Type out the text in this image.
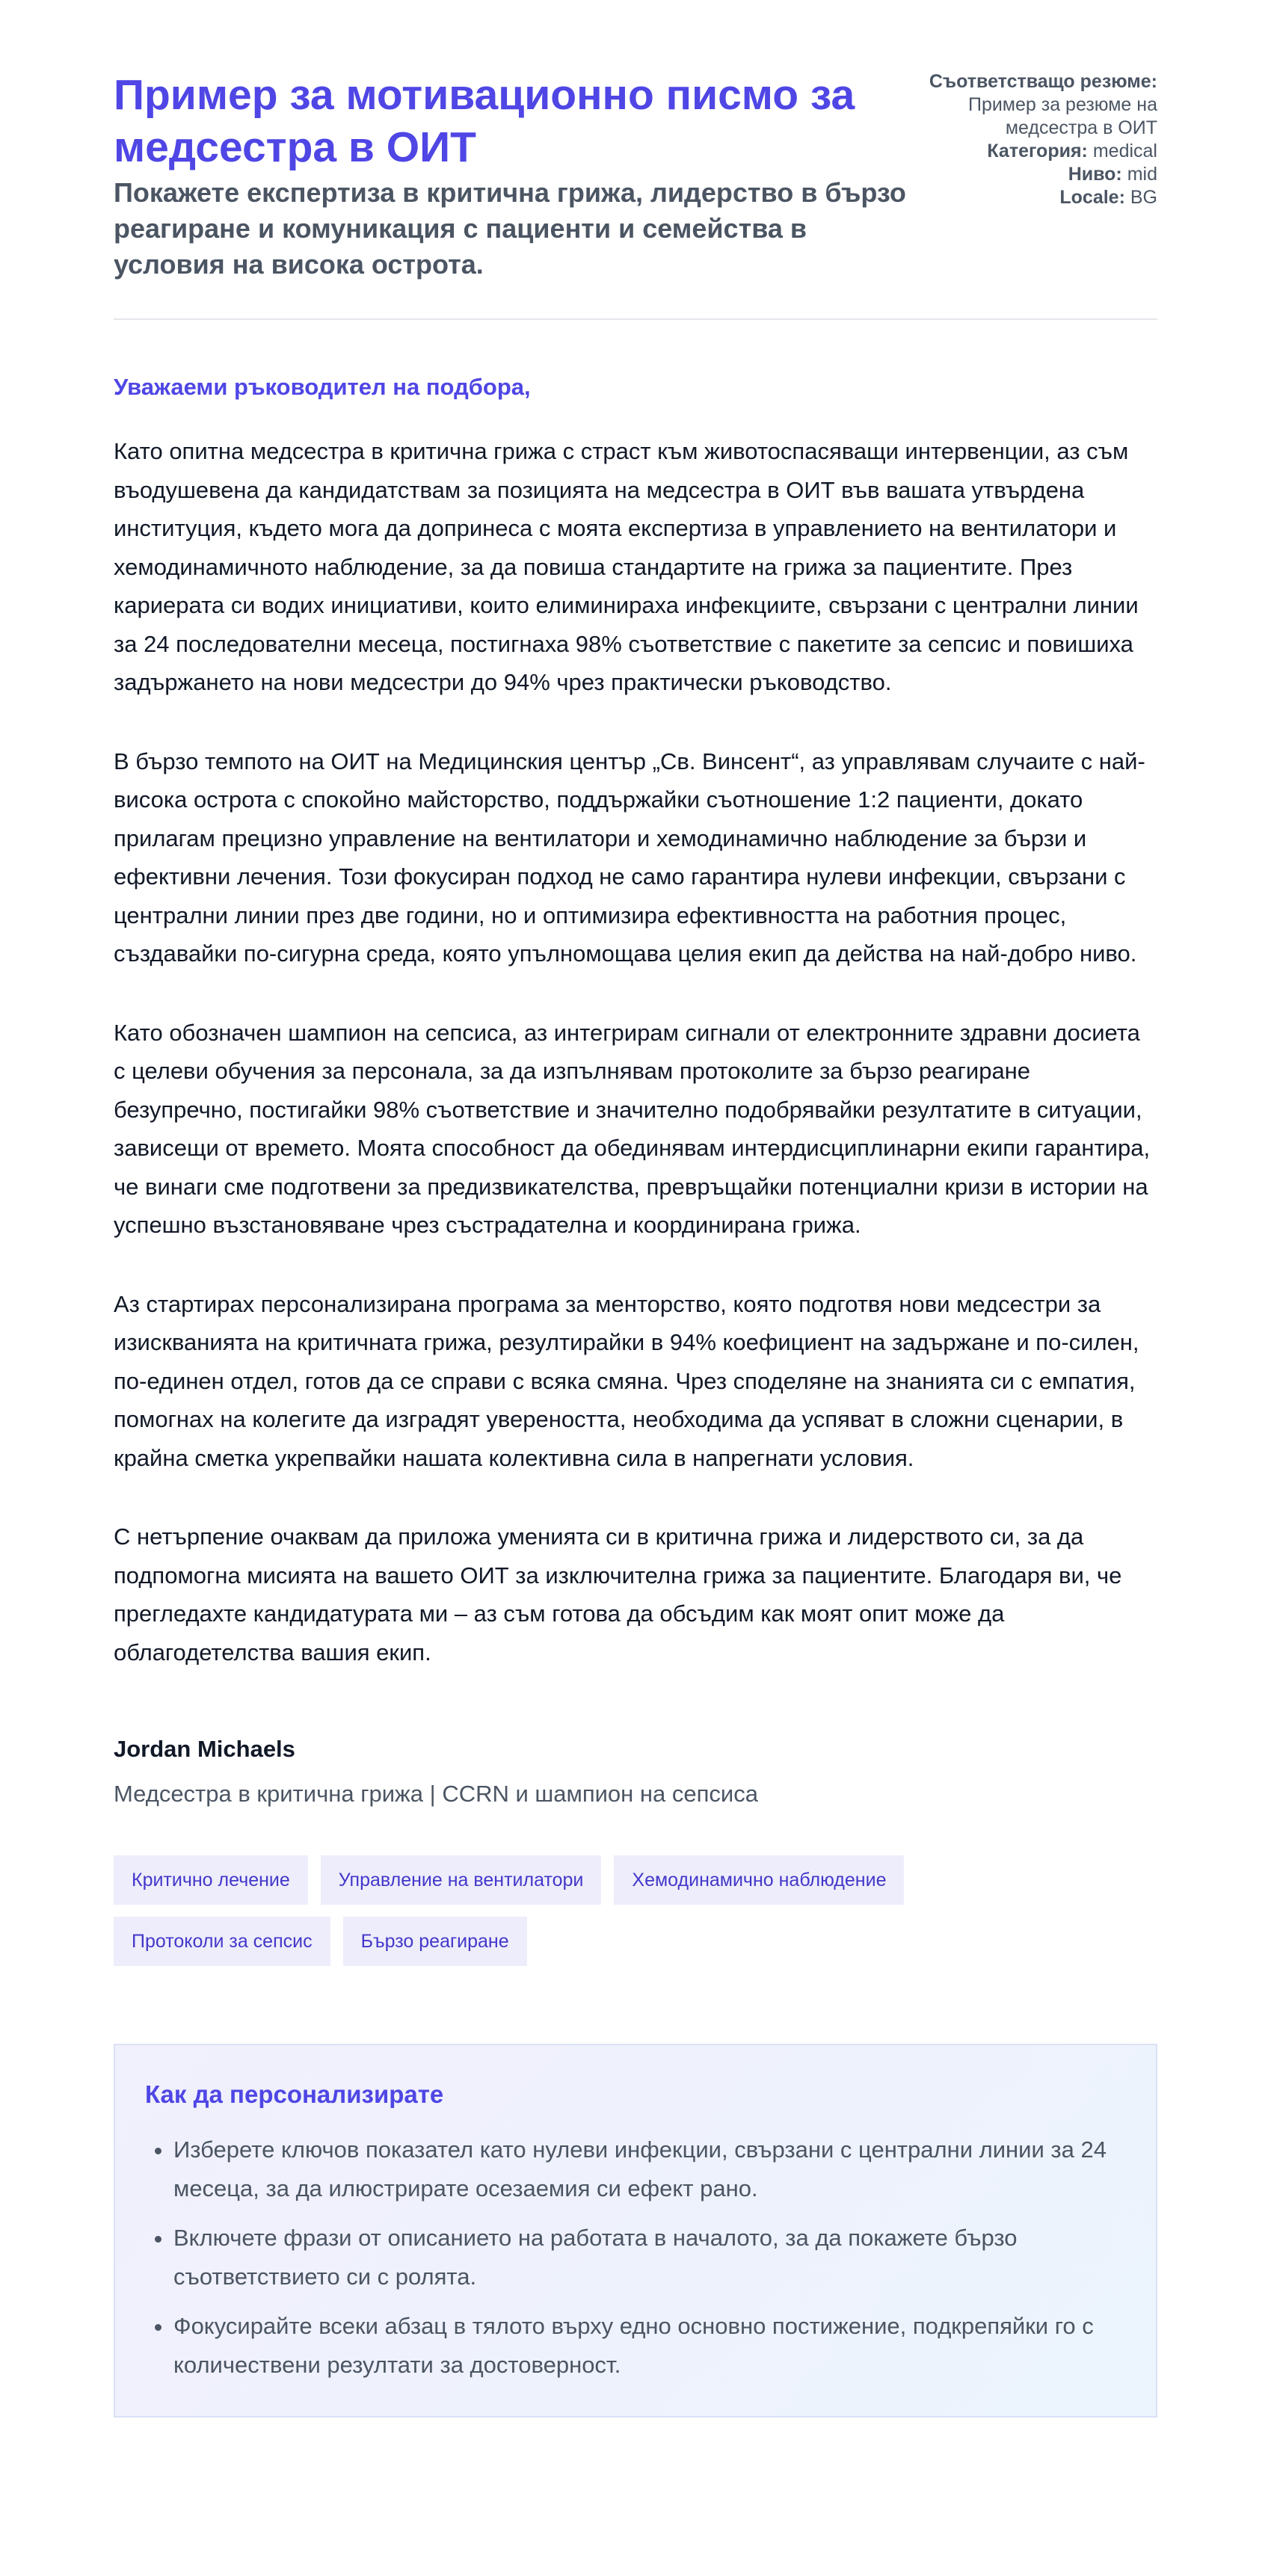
Пример за мотивационно писмо за медсестра в ОИТ
Покажете експертиза в критична грижа, лидерство в бързо реагиране и комуникация с пациенти и семейства в условия на висока острота.

Съответстващо резюме:

Пример за резюме на медсестра в ОИТ

Категория: medical

Ниво: mid

Locale: BG

Уважаеми ръководител на подбора,

Като опитна медсестра в критична грижа с страст към животоспасяващи интервенции, аз съм въодушевена да кандидатствам за позицията на медсестра в ОИТ във вашата утвърдена институция, където мога да допринеса с моята експертиза в управлението на вентилатори и хемодинамичното наблюдение, за да повиша стандартите на грижа за пациентите. През кариерата си водих инициативи, които елиминираха инфекциите, свързани с централни линии за 24 последователни месеца, постигнаха 98% съответствие с пакетите за сепсис и повишиха задържането на нови медсестри до 94% чрез практически ръководство.

В бързо темпото на ОИТ на Медицинския център „Св. Винсент“, аз управлявам случаите с най-висока острота с спокойно майсторство, поддържайки съотношение 1:2 пациенти, докато прилагам прецизно управление на вентилатори и хемодинамично наблюдение за бързи и ефективни лечения. Този фокусиран подход не само гарантира нулеви инфекции, свързани с централни линии през две години, но и оптимизира ефективността на работния процес, създавайки по-сигурна среда, която упълномощава целия екип да действа на най-добро ниво.

Като обозначен шампион на сепсиса, аз интегрирам сигнали от електронните здравни досиета с целеви обучения за персонала, за да изпълнявам протоколите за бързо реагиране безупречно, постигайки 98% съответствие и значително подобрявайки резултатите в ситуации, зависещи от времето. Моята способност да обединявам интердисциплинарни екипи гарантира, че винаги сме подготвени за предизвикателства, превръщайки потенциални кризи в истории на успешно възстановяване чрез състрадателна и координирана грижа.

Аз стартирах персонализирана програма за менторство, която подготвя нови медсестри за изискванията на критичната грижа, резултирайки в 94% коефициент на задържане и по-силен, по-единен отдел, готов да се справи с всяка смяна. Чрез споделяне на знанията си с емпатия, помогнах на колегите да изградят увереността, необходима да успяват в сложни сценарии, в крайна сметка укрепвайки нашата колективна сила в напрегнати условия.

С нетърпение очаквам да приложа уменията си в критична грижа и лидерството си, за да подпомогна мисията на вашето ОИТ за изключителна грижа за пациентите. Благодаря ви, че прегледахте кандидатурата ми – аз съм готова да обсъдим как моят опит може да облагодетелства вашия екип.

Jordan Michaels

Медсестра в критична грижа | CCRN и шампион на сепсиса

Критично лечение	Управление на вентилатори	Хемодинамично наблюдение
Протоколи за сепсис	Бързо реагиране
Как да персонализирате
• Изберете ключов показател като нулеви инфекции, свързани с централни линии за 24 месеца, за да илюстрирате осезаемия си ефект рано.
• Включете фрази от описанието на работата в началото, за да покажете бързо съответствието си с ролята.
• Фокусирайте всеки абзац в тялото върху едно основно постижение, подкрепяйки го с количествени резултати за достоверност.
